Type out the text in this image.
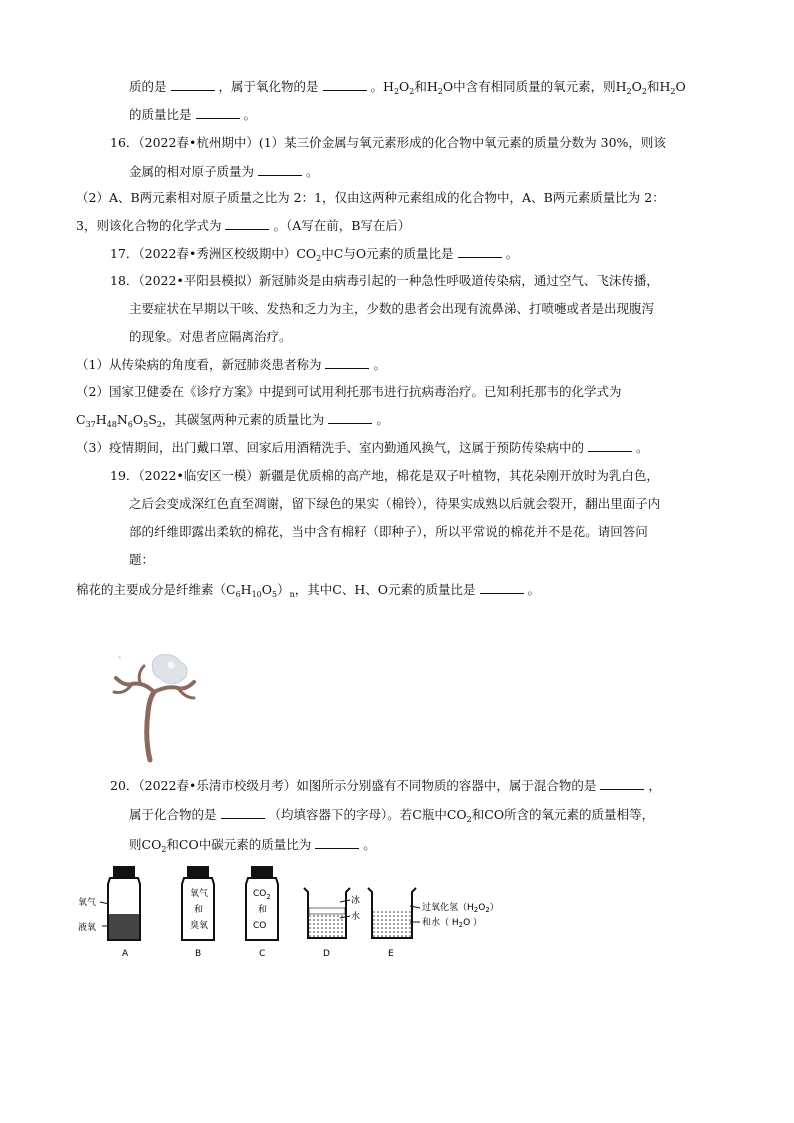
质的是	，属于氧化物的是	。$H_2O_2$和$H_2O$中含有相同质量的氧元素，则$H_2O_2$和$H_2O$
的质量比是	。
16．（2022春•杭州期中）(1）某三价金属与氧元素形成的化合物中氧元素的质量分数为 30%，则该
金属的相对原子质量为	。
（2）A、B两元素相对原子质量之比为 2：1，仅由这两种元素组成的化合物中，A、B两元素质量比为 2：
3，则该化合物的化学式为	。（A写在前，B写在后）
17．（2022春•秀洲区校级期中）$CO_2$中C与O元素的质量比是	。
18．（2022•平阳县模拟）新冠肺炎是由病毒引起的一种急性呼吸道传染病，通过空气、飞沫传播，
主要症状在早期以干咳、发热和乏力为主，少数的患者会出现有流鼻涕、打喷嚏或者是出现腹泻
的现象。对患者应隔离治疗。
（1）从传染病的角度看，新冠肺炎患者称为	。
（2）国家卫健委在《诊疗方案》中提到可试用利托那韦进行抗病毒治疗。已知利托那韦的化学式为
$C_{37}H_{48}N_6O_5S_2$，其碳氢两种元素的质量比为	。
（3）疫情期间，出门戴口罩、回家后用酒精洗手、室内勤通风换气，这属于预防传染病中的	。
19．（2022•临安区一模）新疆是优质棉的高产地，棉花是双子叶植物，其花朵刚开放时为乳白色，
之后会变成深红色直至凋谢，留下绿色的果实（棉铃），待果实成熟以后就会裂开，翻出里面子内
部的纤维即露出柔软的棉花，当中含有棉籽（即种子），所以平常说的棉花并不是花。请回答问
题：
棉花的主要成分是纤维素$(C_6H_{10}O_5)_n$，其中C、H、O元素的质量比是	。
20．（2022春•乐清市校级月考）如图所示分别盛有不同物质的容器中，属于混合物的是	，
属于化合物的是	（均填容器下的字母）。若C瓶中$CO_2$和CO所含的氧元素的质量相等，
则$CO_2$和CO中碳元素的质量比为	。
氧气
液氧
A
氧气
和
臭氧
B
$CO_2$
和
CO
C
冰
水
D
过氧化氢$(H_2O_2)$
和水（ $H_2O$ ）
E
